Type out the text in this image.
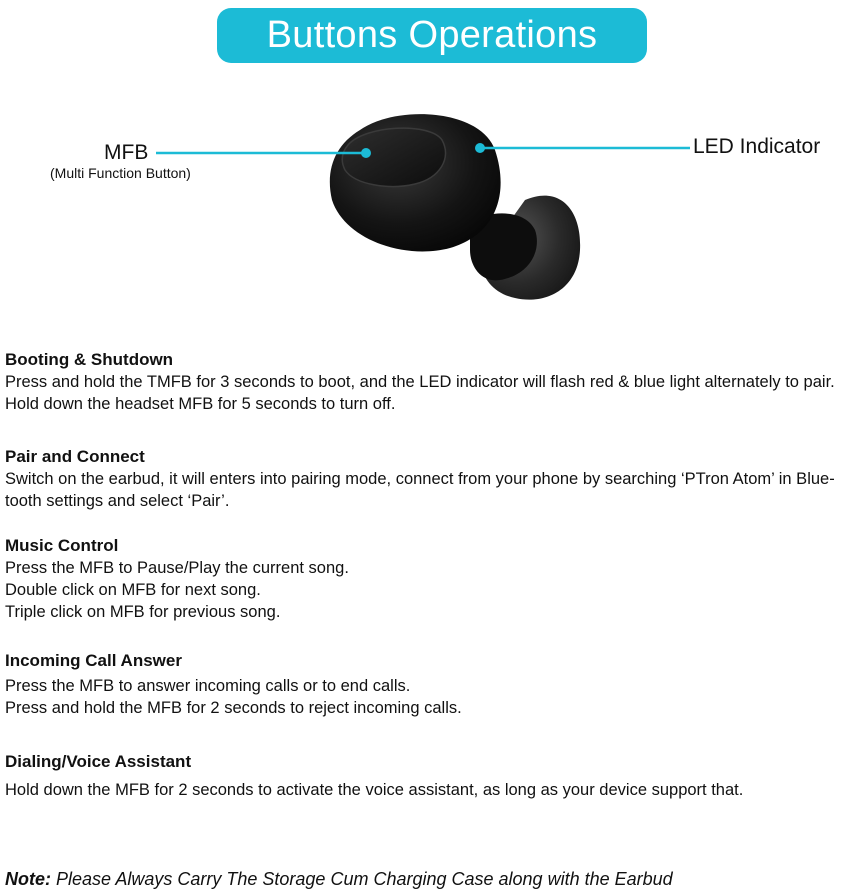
Buttons Operations
MFB
(Multi Function Button)
LED Indicator
Booting & Shutdown

Press and hold the TMFB for 3 seconds to boot, and the LED indicator will flash red & blue light alternately to pair.

Hold down the headset MFB for 5 seconds to turn off.

Pair and Connect

Switch on the earbud, it will enters into pairing mode, connect from your phone by searching ‘PTron Atom’ in Blue-

tooth settings and select ‘Pair’.

Music Control

Press the MFB to Pause/Play the current song.

Double click on MFB for next song.

Triple click on MFB for previous song.

Incoming Call Answer

Press the MFB to answer incoming calls or to end calls.

Press and hold the MFB for 2 seconds to reject incoming calls.

Dialing/Voice Assistant

Hold down the MFB for 2 seconds to activate the voice assistant, as long as your device support that.

Note: Please Always Carry The Storage Cum Charging Case along with the Earbud
